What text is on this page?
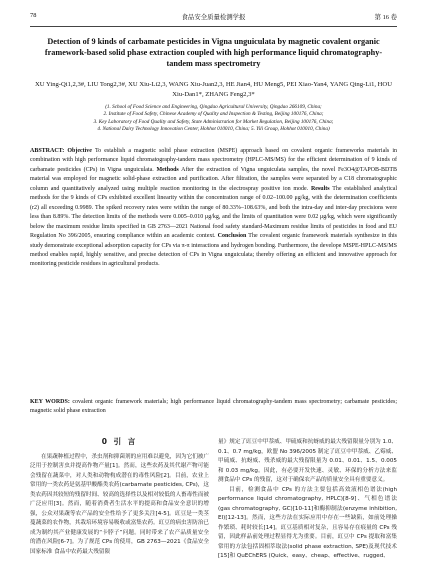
78	食品安全质量检测学报	第 16 卷
Detection of 9 kinds of carbamate pesticides in Vigna unguiculata by magnetic covalent organic framework-based solid phase extraction coupled with high performance liquid chromatography-tandem mass spectrometry
XU Ying-Qi1,2,3#, LIU Tong2,3#, XU Xiu-Li2,3, WANG Xiu-Juan2,3, HE Jian4, HU Meng5, PEI Xiao-Yan4, YANG Qing-Li1, HOU Xiu-Dan1*, ZHANG Feng2,3*
(1. School of Food Science and Engineering, Qingdao Agricultural University, Qingdao 266109, China;
2. Institute of Food Safety, Chinese Academy of Quality and Inspection & Testing, Beijing 100176, China;
3. Key Laboratory of Food Quality and Safety, State Administration for Market Regulation, Beijing 100176, China;
4. National Dairy Technology Innovation Center, Hohhot 010010, China; 5. Yili Group, Hohhot 010010, China)

ABSTRACT: Objective To establish a magnetic solid phase extraction (MSPE) approach based on covalent organic frameworks materials in combination with high performance liquid chromatography-tandem mass spectrometry (HPLC-MS/MS) for the efficient determination of 9 kinds of carbamate pesticides (CPs) in Vigna unguiculata. Methods After the extraction of Vigna unguiculata samples, the novel Fe3O4@TAPOB-BDTB material was employed for magnetic solid-phase extraction and purification. After filtration, the samples were separated by a C18 chromatographic column and quantitatively analyzed using multiple reaction monitoring in the electrospray positive ion mode. Results The established analytical methods for the 9 kinds of CPs exhibited excellent linearity within the concentration range of 0.02–100.00 μg/kg, with the determination coefficients (r2) all exceeding 0.9989. The spiked recovery rates were within the range of 80.33%–108.63%, and both the intra-day and inter-day precisions were less than 8.89%. The detection limits of the methods were 0.005–0.010 μg/kg, and the limits of quantitation were 0.02 μg/kg, which were significantly below the maximum residue limits specified in GB 2763—2021 National food safety standard-Maximum residue limits of pesticides in food and EU Regulation No 396/2005, ensuring compliance within an academic context. Conclusion The covalent organic framework materials synthesize in this study demonstrate exceptional adsorption capacity for CPs via π-π interactions and hydrogen bonding. Furthermore, the develope MSPE-HPLC-MS/MS method enables rapid, highly sensitive, and precise detection of CPs in Vigna unguiculata; thereby offering an efficient and innovative approach for monitoring pesticide residues in agricultural products.

KEY WORDS: covalent organic framework materials; high performance liquid chromatography-tandem mass spectrometry; carbamate pesticides; magnetic solid phase extraction
0 引 言

在果蔬种植过程中，杀虫剂和抑菌剂的应用难以避免，因为它们被广泛用于控制害虫并提高作物产量[1]。然而，这些农药及其代谢产物可能会残留在蔬菜中，对人类和动物构成潜在的毒性风险[2]。目前，农业上常用的一类农药是氨基甲酸酯类农药(carbamate pesticides, CPs)，这类农药因其较短的残留时间、较高的选择性以及相对较低的人畜毒性而被广泛应用[3]。然而，随着消费者生活水平的提高和食品安全意识的增强，公众对果蔬等农产品的安全性给予了更多关注[4-5]。豇豆是一类茎蔓蔬菜的农作物，其栽培环境容易吸收或富集农药。豇豆的病虫害防治已成为制约其产业健康发展的“卡脖子”问题。同时带来了农产品质量安全的潜在风险[6-7]。为了规范 CPs 的使用，GB 2763—2021《食品安全国家标准 食品中农药最大残留限

量》规定了豇豆中甲萘威、甲硫威和抗蚜威的最大残留限量分别为 1.0、0.1、0.7 mg/kg，欧盟 No 396/2005 制定了豇豆中甲萘威、乙霉威、甲硫威、抗蚜威、残杀威的最大残留限量为 0.01、0.01、1.5、0.005 和 0.03 mg/kg。因此，有必要开发快速、灵敏、环保的分析方法来监测食品中 CPs 的残留，这对于确保农产品的质量安全具有重要意义。

目前，检测食品中 CPs 的方法主要包括高效液相色谱法(high performance liquid chromatography, HPLC)[8-9]、气相色谱法(gas chromatography, GC)[10-11]和酶抑制法(enzyme inhibition, EI)[12-13]。然而，这些方法在实际应用中存在一些缺陷，如前处理操作繁琐、耗时较长[14]。豇豆基质相对复杂，且容易存在痕量的 CPs 残留，因此样品前处理过程显得尤为重要。目前，豇豆中 CPs 提取和富集常用的方法包括固相萃取法(solid phase extraction, SPE)及现代技术[15]和 QuEChERS (Quick、easy、cheap、effective、rugged、
